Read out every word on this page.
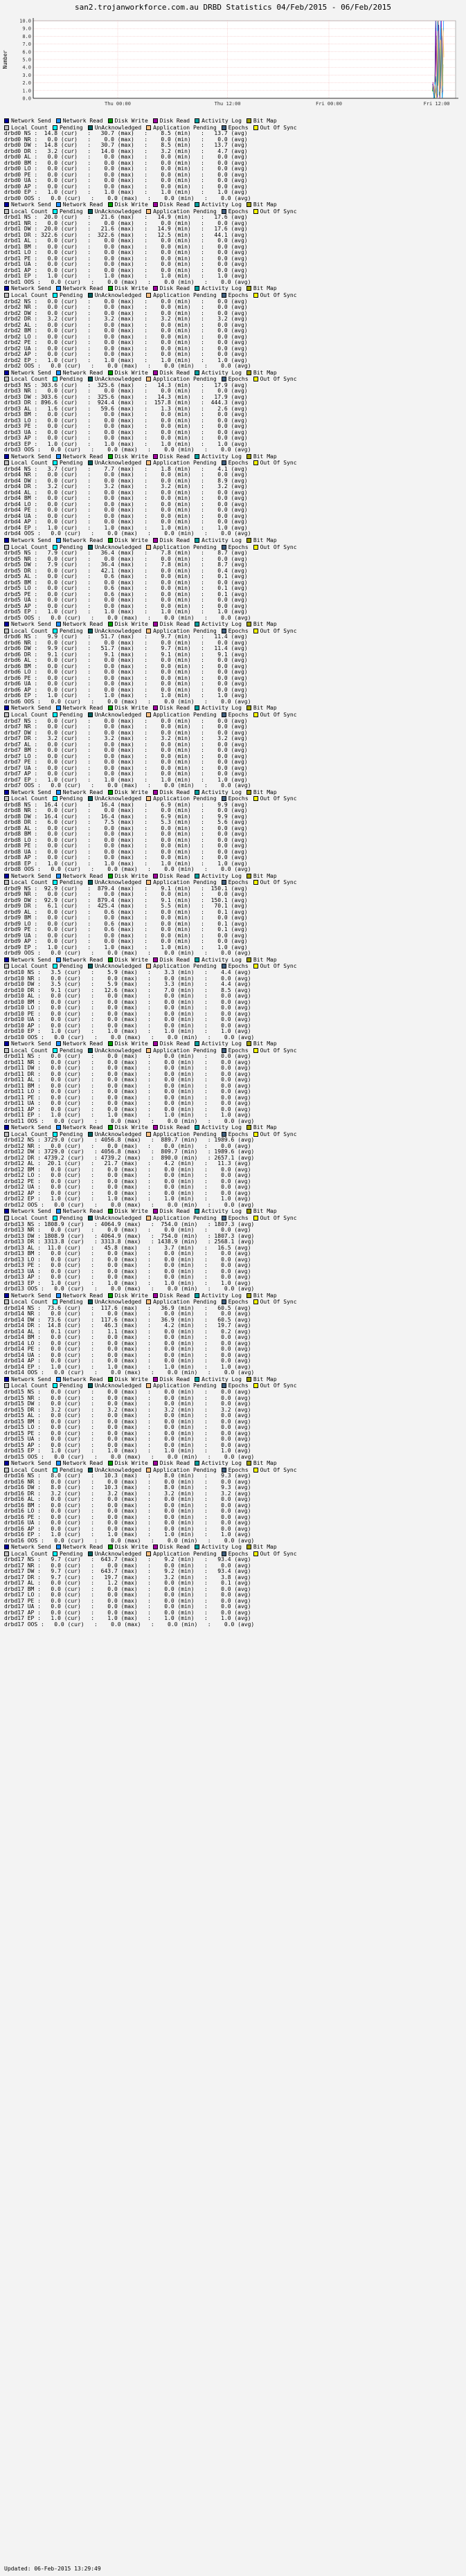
san2.trojanworkforce.com.au DRBD Statistics 04/Feb/2015 - 06/Feb/2015
0.0
1.0
2.0
3.0
4.0
5.0
6.0
7.0
8.0
9.0
10.0
Thu 00:00	Thu 12:00	Fri 00:00	Fri 12:00
Number
Network Send Network Read Disk Write Disk Read Activity Log Bit Map
Local Count Pending UnAcknowledged Application Pending Epochs Out Of Sync
drbd0 NS :  14.8 (cur)   :   30.7 (max)   :    8.5 (min)   :   13.7 (avg)
drbd0 NR :   0.0 (cur)   :    0.0 (max)   :    0.0 (min)   :    0.0 (avg)
drbd0 DW :  14.8 (cur)   :   30.7 (max)   :    8.5 (min)   :   13.7 (avg)
drbd0 DR :   3.2 (cur)   :   14.0 (max)   :    3.2 (min)   :    4.7 (avg)
drbd0 AL :   0.0 (cur)   :    0.0 (max)   :    0.0 (min)   :    0.0 (avg)
drbd0 BM :   0.0 (cur)   :    0.0 (max)   :    0.0 (min)   :    0.0 (avg)
drbd0 LO :   0.0 (cur)   :    0.0 (max)   :    0.0 (min)   :    0.0 (avg)
drbd0 PE :   0.0 (cur)   :    0.0 (max)   :    0.0 (min)   :    0.0 (avg)
drbd0 UA :   0.0 (cur)   :    0.0 (max)   :    0.0 (min)   :    0.0 (avg)
drbd0 AP :   0.0 (cur)   :    0.0 (max)   :    0.0 (min)   :    0.0 (avg)
drbd0 EP :   1.0 (cur)   :    1.0 (max)   :    1.0 (min)   :    1.0 (avg)
drbd0 OOS :   0.0 (cur)   :    0.0 (max)   :    0.0 (min)   :    0.0 (avg)
Network Send Network Read Disk Write Disk Read Activity Log Bit Map
Local Count Pending UnAcknowledged Application Pending Epochs Out Of Sync
drbd1 NS :  20.0 (cur)   :   21.6 (max)   :   14.9 (min)   :   17.6 (avg)
drbd1 NR :   0.0 (cur)   :    0.0 (max)   :    0.0 (min)   :    0.0 (avg)
drbd1 DW :  20.0 (cur)   :   21.6 (max)   :   14.9 (min)   :   17.6 (avg)
drbd1 DR : 322.6 (cur)   :  322.6 (max)   :   12.5 (min)   :   44.1 (avg)
drbd1 AL :   0.0 (cur)   :    0.0 (max)   :    0.0 (min)   :    0.0 (avg)
drbd1 BM :   0.0 (cur)   :    0.0 (max)   :    0.0 (min)   :    0.0 (avg)
drbd1 LO :   0.0 (cur)   :    0.0 (max)   :    0.0 (min)   :    0.0 (avg)
drbd1 PE :   0.0 (cur)   :    0.0 (max)   :    0.0 (min)   :    0.0 (avg)
drbd1 UA :   0.0 (cur)   :    0.0 (max)   :    0.0 (min)   :    0.0 (avg)
drbd1 AP :   0.0 (cur)   :    0.0 (max)   :    0.0 (min)   :    0.0 (avg)
drbd1 EP :   1.0 (cur)   :    1.0 (max)   :    1.0 (min)   :    1.0 (avg)
drbd1 OOS :   0.0 (cur)   :    0.0 (max)   :    0.0 (min)   :    0.0 (avg)
Network Send Network Read Disk Write Disk Read Activity Log Bit Map
Local Count Pending UnAcknowledged Application Pending Epochs Out Of Sync
drbd2 NS :   0.0 (cur)   :    0.0 (max)   :    0.0 (min)   :    0.0 (avg)
drbd2 NR :   0.0 (cur)   :    0.0 (max)   :    0.0 (min)   :    0.0 (avg)
drbd2 DW :   0.0 (cur)   :    0.0 (max)   :    0.0 (min)   :    0.0 (avg)
drbd2 DR :   3.2 (cur)   :    3.2 (max)   :    3.2 (min)   :    3.2 (avg)
drbd2 AL :   0.0 (cur)   :    0.0 (max)   :    0.0 (min)   :    0.0 (avg)
drbd2 BM :   0.0 (cur)   :    0.0 (max)   :    0.0 (min)   :    0.0 (avg)
drbd2 LO :   0.0 (cur)   :    0.0 (max)   :    0.0 (min)   :    0.0 (avg)
drbd2 PE :   0.0 (cur)   :    0.0 (max)   :    0.0 (min)   :    0.0 (avg)
drbd2 UA :   0.0 (cur)   :    0.0 (max)   :    0.0 (min)   :    0.0 (avg)
drbd2 AP :   0.0 (cur)   :    0.0 (max)   :    0.0 (min)   :    0.0 (avg)
drbd2 EP :   1.0 (cur)   :    1.0 (max)   :    1.0 (min)   :    1.0 (avg)
drbd2 OOS :   0.0 (cur)   :    0.0 (max)   :    0.0 (min)   :    0.0 (avg)
Network Send Network Read Disk Write Disk Read Activity Log Bit Map
Local Count Pending UnAcknowledged Application Pending Epochs Out Of Sync
drbd3 NS : 303.6 (cur)   :  325.6 (max)   :   14.3 (min)   :   17.9 (avg)
drbd3 NR :   0.0 (cur)   :    0.0 (max)   :    0.0 (min)   :    0.0 (avg)
drbd3 DW : 303.6 (cur)   :  325.6 (max)   :   14.3 (min)   :   17.9 (avg)
drbd3 DR : 896.6 (cur)   :  924.4 (max)   :  157.8 (min)   :  444.3 (avg)
drbd3 AL :   1.6 (cur)   :   59.6 (max)   :    1.3 (min)   :    2.6 (avg)
drbd3 BM :   0.0 (cur)   :    0.0 (max)   :    0.0 (min)   :    0.0 (avg)
drbd3 LO :   0.0 (cur)   :    0.0 (max)   :    0.0 (min)   :    0.0 (avg)
drbd3 PE :   0.0 (cur)   :    0.0 (max)   :    0.0 (min)   :    0.0 (avg)
drbd3 UA :   0.0 (cur)   :    0.0 (max)   :    0.0 (min)   :    0.0 (avg)
drbd3 AP :   0.0 (cur)   :    0.0 (max)   :    0.0 (min)   :    0.0 (avg)
drbd3 EP :   1.0 (cur)   :    1.0 (max)   :    1.0 (min)   :    1.0 (avg)
drbd3 OOS :   0.0 (cur)   :    0.0 (max)   :    0.0 (min)   :    0.0 (avg)
Network Send Network Read Disk Write Disk Read Activity Log Bit Map
Local Count Pending UnAcknowledged Application Pending Epochs Out Of Sync
drbd4 NS :   3.7 (cur)   :    7.7 (max)   :    1.8 (min)   :    4.1 (avg)
drbd4 NR :   0.0 (cur)   :    0.0 (max)   :    0.0 (min)   :    0.0 (avg)
drbd4 DW :   0.0 (cur)   :    0.0 (max)   :    0.0 (min)   :    8.9 (avg)
drbd4 DR :   3.2 (cur)   :    3.2 (max)   :    3.2 (min)   :    3.2 (avg)
drbd4 AL :   0.0 (cur)   :    0.0 (max)   :    0.0 (min)   :    0.0 (avg)
drbd4 BM :   0.0 (cur)   :    0.0 (max)   :    0.0 (min)   :    0.0 (avg)
drbd4 LO :   0.0 (cur)   :    0.0 (max)   :    0.0 (min)   :    0.0 (avg)
drbd4 PE :   0.0 (cur)   :    0.0 (max)   :    0.0 (min)   :    0.0 (avg)
drbd4 UA :   0.0 (cur)   :    0.0 (max)   :    0.0 (min)   :    0.0 (avg)
drbd4 AP :   0.0 (cur)   :    0.0 (max)   :    0.0 (min)   :    0.0 (avg)
drbd4 EP :   1.0 (cur)   :    1.0 (max)   :    1.0 (min)   :    1.0 (avg)
drbd4 OOS :   0.0 (cur)   :    0.0 (max)   :    0.0 (min)   :    0.0 (avg)
Network Send Network Read Disk Write Disk Read Activity Log Bit Map
Local Count Pending UnAcknowledged Application Pending Epochs Out Of Sync
drbd5 NS :   7.9 (cur)   :   36.4 (max)   :    7.8 (min)   :    8.7 (avg)
drbd5 NR :   0.0 (cur)   :    0.0 (max)   :    0.0 (min)   :    0.0 (avg)
drbd5 DW :   7.9 (cur)   :   36.4 (max)   :    7.8 (min)   :    8.7 (avg)
drbd5 DR :   0.0 (cur)   :   42.1 (max)   :    0.0 (min)   :    0.4 (avg)
drbd5 AL :   0.0 (cur)   :    0.6 (max)   :    0.0 (min)   :    0.1 (avg)
drbd5 BM :   0.0 (cur)   :    0.0 (max)   :    0.0 (min)   :    0.0 (avg)
drbd5 LO :   0.0 (cur)   :    0.6 (max)   :    0.0 (min)   :    0.1 (avg)
drbd5 PE :   0.0 (cur)   :    0.6 (max)   :    0.0 (min)   :    0.1 (avg)
drbd5 UA :   0.0 (cur)   :    0.0 (max)   :    0.0 (min)   :    0.0 (avg)
drbd5 AP :   0.0 (cur)   :    0.0 (max)   :    0.0 (min)   :    0.0 (avg)
drbd5 EP :   1.0 (cur)   :    1.0 (max)   :    1.0 (min)   :    1.0 (avg)
drbd5 OOS :   0.0 (cur)   :    0.0 (max)   :    0.0 (min)   :    0.0 (avg)
Network Send Network Read Disk Write Disk Read Activity Log Bit Map
Local Count Pending UnAcknowledged Application Pending Epochs Out Of Sync
drbd6 NS :   9.9 (cur)   :   51.7 (max)   :    9.7 (min)   :   11.4 (avg)
drbd6 NR :   0.0 (cur)   :    0.0 (max)   :    0.0 (min)   :    0.0 (avg)
drbd6 DW :   9.9 (cur)   :   51.7 (max)   :    9.7 (min)   :   11.4 (avg)
drbd6 DR :   9.1 (cur)   :    9.1 (max)   :    9.1 (min)   :    9.1 (avg)
drbd6 AL :   0.0 (cur)   :    0.0 (max)   :    0.0 (min)   :    0.0 (avg)
drbd6 BM :   0.0 (cur)   :    0.0 (max)   :    0.0 (min)   :    0.0 (avg)
drbd6 LO :   0.0 (cur)   :    0.0 (max)   :    0.0 (min)   :    0.0 (avg)
drbd6 PE :   0.0 (cur)   :    0.0 (max)   :    0.0 (min)   :    0.0 (avg)
drbd6 UA :   0.0 (cur)   :    0.0 (max)   :    0.0 (min)   :    0.0 (avg)
drbd6 AP :   0.0 (cur)   :    0.0 (max)   :    0.0 (min)   :    0.0 (avg)
drbd6 EP :   1.0 (cur)   :    1.0 (max)   :    1.0 (min)   :    1.0 (avg)
drbd6 OOS :   0.0 (cur)   :    0.0 (max)   :    0.0 (min)   :    0.0 (avg)
Network Send Network Read Disk Write Disk Read Activity Log Bit Map
Local Count Pending UnAcknowledged Application Pending Epochs Out Of Sync
drbd7 NS :   0.0 (cur)   :    0.0 (max)   :    0.0 (min)   :    0.0 (avg)
drbd7 NR :   0.0 (cur)   :    0.0 (max)   :    0.0 (min)   :    0.0 (avg)
drbd7 DW :   0.0 (cur)   :    0.0 (max)   :    0.0 (min)   :    0.0 (avg)
drbd7 DR :   3.2 (cur)   :    3.2 (max)   :    3.2 (min)   :    3.2 (avg)
drbd7 AL :   0.0 (cur)   :    0.0 (max)   :    0.0 (min)   :    0.0 (avg)
drbd7 BM :   0.0 (cur)   :    0.0 (max)   :    0.0 (min)   :    0.0 (avg)
drbd7 LO :   0.0 (cur)   :    0.0 (max)   :    0.0 (min)   :    0.0 (avg)
drbd7 PE :   0.0 (cur)   :    0.0 (max)   :    0.0 (min)   :    0.0 (avg)
drbd7 UA :   0.0 (cur)   :    0.0 (max)   :    0.0 (min)   :    0.0 (avg)
drbd7 AP :   0.0 (cur)   :    0.0 (max)   :    0.0 (min)   :    0.0 (avg)
drbd7 EP :   1.0 (cur)   :    1.0 (max)   :    1.0 (min)   :    1.0 (avg)
drbd7 OOS :   0.0 (cur)   :    0.0 (max)   :    0.0 (min)   :    0.0 (avg)
Network Send Network Read Disk Write Disk Read Activity Log Bit Map
Local Count Pending UnAcknowledged Application Pending Epochs Out Of Sync
drbd8 NS :  16.4 (cur)   :   16.4 (max)   :    6.9 (min)   :    9.9 (avg)
drbd8 NR :   0.0 (cur)   :    0.0 (max)   :    0.0 (min)   :    0.0 (avg)
drbd8 DW :  16.4 (cur)   :   16.4 (max)   :    6.9 (min)   :    9.9 (avg)
drbd8 DR :   6.0 (cur)   :    7.5 (max)   :    5.3 (min)   :    5.6 (avg)
drbd8 AL :   0.0 (cur)   :    0.0 (max)   :    0.0 (min)   :    0.0 (avg)
drbd8 BM :   0.0 (cur)   :    0.0 (max)   :    0.0 (min)   :    0.0 (avg)
drbd8 LO :   0.0 (cur)   :    0.0 (max)   :    0.0 (min)   :    0.0 (avg)
drbd8 PE :   0.0 (cur)   :    0.0 (max)   :    0.0 (min)   :    0.0 (avg)
drbd8 UA :   0.0 (cur)   :    0.0 (max)   :    0.0 (min)   :    0.0 (avg)
drbd8 AP :   0.0 (cur)   :    0.0 (max)   :    0.0 (min)   :    0.0 (avg)
drbd8 EP :   1.0 (cur)   :    1.0 (max)   :    1.0 (min)   :    1.0 (avg)
drbd8 OOS :   0.0 (cur)   :    0.0 (max)   :    0.0 (min)   :    0.0 (avg)
Network Send Network Read Disk Write Disk Read Activity Log Bit Map
Local Count Pending UnAcknowledged Application Pending Epochs Out Of Sync
drbd9 NS :  92.9 (cur)   :  879.4 (max)   :    9.1 (min)   :  150.1 (avg)
drbd9 NR :   0.0 (cur)   :    0.0 (max)   :    0.0 (min)   :    0.0 (avg)
drbd9 DW :  92.9 (cur)   :  879.4 (max)   :    9.1 (min)   :  150.1 (avg)
drbd9 DR :   6.1 (cur)   :  425.4 (max)   :    5.5 (min)   :   70.1 (avg)
drbd9 AL :   0.0 (cur)   :    0.6 (max)   :    0.0 (min)   :    0.1 (avg)
drbd9 BM :   0.0 (cur)   :    0.0 (max)   :    0.0 (min)   :    0.0 (avg)
drbd9 LO :   0.0 (cur)   :    0.6 (max)   :    0.0 (min)   :    0.1 (avg)
drbd9 PE :   0.0 (cur)   :    0.6 (max)   :    0.0 (min)   :    0.1 (avg)
drbd9 UA :   0.0 (cur)   :    0.0 (max)   :    0.0 (min)   :    0.0 (avg)
drbd9 AP :   0.0 (cur)   :    0.0 (max)   :    0.0 (min)   :    0.0 (avg)
drbd9 EP :   1.0 (cur)   :    1.0 (max)   :    1.0 (min)   :    1.0 (avg)
drbd9 OOS :   0.0 (cur)   :    0.0 (max)   :    0.0 (min)   :    0.0 (avg)
Network Send Network Read Disk Write Disk Read Activity Log Bit Map
Local Count Pending UnAcknowledged Application Pending Epochs Out Of Sync
drbd10 NS :   3.5 (cur)   :    5.9 (max)   :    3.3 (min)   :    4.4 (avg)
drbd10 NR :   0.0 (cur)   :    0.0 (max)   :    0.0 (min)   :    0.0 (avg)
drbd10 DW :   3.5 (cur)   :    5.9 (max)   :    3.3 (min)   :    4.4 (avg)
drbd10 DR :   9.1 (cur)   :   12.6 (max)   :    7.0 (min)   :    8.5 (avg)
drbd10 AL :   0.0 (cur)   :    0.0 (max)   :    0.0 (min)   :    0.0 (avg)
drbd10 BM :   0.0 (cur)   :    0.0 (max)   :    0.0 (min)   :    0.0 (avg)
drbd10 LO :   0.0 (cur)   :    0.0 (max)   :    0.0 (min)   :    0.0 (avg)
drbd10 PE :   0.0 (cur)   :    0.0 (max)   :    0.0 (min)   :    0.0 (avg)
drbd10 UA :   0.0 (cur)   :    0.0 (max)   :    0.0 (min)   :    0.0 (avg)
drbd10 AP :   0.0 (cur)   :    0.0 (max)   :    0.0 (min)   :    0.0 (avg)
drbd10 EP :   1.0 (cur)   :    1.0 (max)   :    1.0 (min)   :    1.0 (avg)
drbd10 OOS :   0.0 (cur)   :    0.0 (max)   :    0.0 (min)   :    0.0 (avg)
Network Send Network Read Disk Write Disk Read Activity Log Bit Map
Local Count Pending UnAcknowledged Application Pending Epochs Out Of Sync
drbd11 NS :   0.0 (cur)   :    0.0 (max)   :    0.0 (min)   :    0.0 (avg)
drbd11 NR :   0.0 (cur)   :    0.0 (max)   :    0.0 (min)   :    0.0 (avg)
drbd11 DW :   0.0 (cur)   :    0.0 (max)   :    0.0 (min)   :    0.0 (avg)
drbd11 DR :   0.0 (cur)   :    0.0 (max)   :    0.0 (min)   :    0.0 (avg)
drbd11 AL :   0.0 (cur)   :    0.0 (max)   :    0.0 (min)   :    0.0 (avg)
drbd11 BM :   0.0 (cur)   :    0.0 (max)   :    0.0 (min)   :    0.0 (avg)
drbd11 LO :   0.0 (cur)   :    0.0 (max)   :    0.0 (min)   :    0.0 (avg)
drbd11 PE :   0.0 (cur)   :    0.0 (max)   :    0.0 (min)   :    0.0 (avg)
drbd11 UA :   0.0 (cur)   :    0.0 (max)   :    0.0 (min)   :    0.0 (avg)
drbd11 AP :   0.0 (cur)   :    0.0 (max)   :    0.0 (min)   :    0.0 (avg)
drbd11 EP :   1.0 (cur)   :    1.0 (max)   :    1.0 (min)   :    1.0 (avg)
drbd11 OOS :   0.0 (cur)   :    0.0 (max)   :    0.0 (min)   :    0.0 (avg)
Network Send Network Read Disk Write Disk Read Activity Log Bit Map
Local Count Pending UnAcknowledged Application Pending Epochs Out Of Sync
drbd12 NS : 3729.0 (cur)   : 4056.8 (max)   :  889.7 (min)   : 1989.6 (avg)
drbd12 NR :   0.0 (cur)   :    0.0 (max)   :    0.0 (min)   :    0.0 (avg)
drbd12 DW : 3729.0 (cur)   : 4056.8 (max)   :  809.7 (min)   : 1989.6 (avg)
drbd12 DR : 4739.2 (cur)   : 4739.2 (max)   :  890.0 (min)   : 2657.1 (avg)
drbd12 AL :  20.1 (cur)   :   21.7 (max)   :    4.2 (min)   :   11.3 (avg)
drbd12 BM :   0.0 (cur)   :    0.0 (max)   :    0.0 (min)   :    0.0 (avg)
drbd12 LO :   0.0 (cur)   :    0.0 (max)   :    0.0 (min)   :    0.0 (avg)
drbd12 PE :   0.0 (cur)   :    0.0 (max)   :    0.0 (min)   :    0.0 (avg)
drbd12 UA :   0.0 (cur)   :    0.0 (max)   :    0.0 (min)   :    0.0 (avg)
drbd12 AP :   0.0 (cur)   :    0.0 (max)   :    0.0 (min)   :    0.0 (avg)
drbd12 EP :   1.0 (cur)   :    1.0 (max)   :    1.0 (min)   :    1.0 (avg)
drbd12 OOS :   0.0 (cur)   :    0.0 (max)   :    0.0 (min)   :    0.0 (avg)
Network Send Network Read Disk Write Disk Read Activity Log Bit Map
Local Count Pending UnAcknowledged Application Pending Epochs Out Of Sync
drbd13 NS : 1808.9 (cur)   : 4064.9 (max)   :  754.0 (min)   : 1807.3 (avg)
drbd13 NR :   0.0 (cur)   :    0.0 (max)   :    0.0 (min)   :    0.0 (avg)
drbd13 DW : 1808.9 (cur)   : 4064.9 (max)   :  754.0 (min)   : 1807.3 (avg)
drbd13 DR : 3313.8 (cur)   : 3313.8 (max)   : 1438.9 (min)   : 2568.1 (avg)
drbd13 AL :  11.0 (cur)   :   45.8 (max)   :    3.7 (min)   :   16.5 (avg)
drbd13 BM :   0.0 (cur)   :    0.0 (max)   :    0.0 (min)   :    0.0 (avg)
drbd13 LO :   0.0 (cur)   :    0.0 (max)   :    0.0 (min)   :    0.0 (avg)
drbd13 PE :   0.0 (cur)   :    0.0 (max)   :    0.0 (min)   :    0.0 (avg)
drbd13 UA :   0.0 (cur)   :    0.0 (max)   :    0.0 (min)   :    0.0 (avg)
drbd13 AP :   0.0 (cur)   :    0.0 (max)   :    0.0 (min)   :    0.0 (avg)
drbd13 EP :   1.0 (cur)   :    1.0 (max)   :    1.0 (min)   :    1.0 (avg)
drbd13 OOS :   0.0 (cur)   :    0.0 (max)   :    0.0 (min)   :    0.0 (avg)
Network Send Network Read Disk Write Disk Read Activity Log Bit Map
Local Count Pending UnAcknowledged Application Pending Epochs Out Of Sync
drbd14 NS :  73.6 (cur)   :  117.6 (max)   :   36.9 (min)   :   60.5 (avg)
drbd14 NR :   0.0 (cur)   :    0.0 (max)   :    0.0 (min)   :    0.0 (avg)
drbd14 DW :  73.6 (cur)   :  117.6 (max)   :   36.9 (min)   :   60.5 (avg)
drbd14 DR :  14.8 (cur)   :   46.3 (max)   :    4.2 (min)   :   19.7 (avg)
drbd14 AL :   0.1 (cur)   :    1.1 (max)   :    0.0 (min)   :    0.2 (avg)
drbd14 BM :   0.0 (cur)   :    0.0 (max)   :    0.0 (min)   :    0.0 (avg)
drbd14 LO :   0.0 (cur)   :    0.0 (max)   :    0.0 (min)   :    0.0 (avg)
drbd14 PE :   0.0 (cur)   :    0.0 (max)   :    0.0 (min)   :    0.0 (avg)
drbd14 UA :   0.0 (cur)   :    0.0 (max)   :    0.0 (min)   :    0.0 (avg)
drbd14 AP :   0.0 (cur)   :    0.0 (max)   :    0.0 (min)   :    0.0 (avg)
drbd14 EP :   1.0 (cur)   :    1.0 (max)   :    1.0 (min)   :    1.0 (avg)
drbd14 OOS :   0.0 (cur)   :    0.0 (max)   :    0.0 (min)   :    0.0 (avg)
Network Send Network Read Disk Write Disk Read Activity Log Bit Map
Local Count Pending UnAcknowledged Application Pending Epochs Out Of Sync
drbd15 NS :   0.0 (cur)   :    0.0 (max)   :    0.0 (min)   :    0.0 (avg)
drbd15 NR :   0.0 (cur)   :    0.0 (max)   :    0.0 (min)   :    0.0 (avg)
drbd15 DW :   0.0 (cur)   :    0.0 (max)   :    0.0 (min)   :    0.0 (avg)
drbd15 DR :   3.2 (cur)   :    3.2 (max)   :    3.2 (min)   :    3.2 (avg)
drbd15 AL :   0.0 (cur)   :    0.0 (max)   :    0.0 (min)   :    0.0 (avg)
drbd15 BM :   0.0 (cur)   :    0.0 (max)   :    0.0 (min)   :    0.0 (avg)
drbd15 LO :   0.0 (cur)   :    0.0 (max)   :    0.0 (min)   :    0.0 (avg)
drbd15 PE :   0.0 (cur)   :    0.0 (max)   :    0.0 (min)   :    0.0 (avg)
drbd15 UA :   0.0 (cur)   :    0.0 (max)   :    0.0 (min)   :    0.0 (avg)
drbd15 AP :   0.0 (cur)   :    0.0 (max)   :    0.0 (min)   :    0.0 (avg)
drbd15 EP :   1.0 (cur)   :    1.0 (max)   :    1.0 (min)   :    1.0 (avg)
drbd15 OOS :   0.0 (cur)   :    0.0 (max)   :    0.0 (min)   :    0.0 (avg)
Network Send Network Read Disk Write Disk Read Activity Log Bit Map
Local Count Pending UnAcknowledged Application Pending Epochs Out Of Sync
drbd16 NS :   8.0 (cur)   :   10.3 (max)   :    8.0 (min)   :    9.3 (avg)
drbd16 NR :   0.0 (cur)   :    0.0 (max)   :    0.0 (min)   :    0.0 (avg)
drbd16 DW :   8.0 (cur)   :   10.3 (max)   :    8.0 (min)   :    9.3 (avg)
drbd16 DR :   3.2 (cur)   :    3.2 (max)   :    3.2 (min)   :    3.2 (avg)
drbd16 AL :   0.0 (cur)   :    0.0 (max)   :    0.0 (min)   :    0.0 (avg)
drbd16 BM :   0.0 (cur)   :    0.0 (max)   :    0.0 (min)   :    0.0 (avg)
drbd16 LO :   0.0 (cur)   :    0.0 (max)   :    0.0 (min)   :    0.0 (avg)
drbd16 PE :   0.0 (cur)   :    0.0 (max)   :    0.0 (min)   :    0.0 (avg)
drbd16 UA :   0.0 (cur)   :    0.0 (max)   :    0.0 (min)   :    0.0 (avg)
drbd16 AP :   0.0 (cur)   :    0.0 (max)   :    0.0 (min)   :    0.0 (avg)
drbd16 EP :   1.0 (cur)   :    1.0 (max)   :    1.0 (min)   :    1.0 (avg)
drbd16 OOS :   0.0 (cur)   :    0.0 (max)   :    0.0 (min)   :    0.0 (avg)
Network Send Network Read Disk Write Disk Read Activity Log Bit Map
Local Count Pending UnAcknowledged Application Pending Epochs Out Of Sync
drbd17 NS :   9.7 (cur)   :  643.7 (max)   :    9.2 (min)   :   93.4 (avg)
drbd17 NR :   0.0 (cur)   :    0.0 (max)   :    0.0 (min)   :    0.0 (avg)
drbd17 DW :   9.7 (cur)   :  643.7 (max)   :    9.2 (min)   :   93.4 (avg)
drbd17 DR :   9.7 (cur)   :   19.7 (max)   :    3.2 (min)   :    3.8 (avg)
drbd17 AL :   0.0 (cur)   :    1.2 (max)   :    0.0 (min)   :    0.1 (avg)
drbd17 BM :   0.0 (cur)   :    0.0 (max)   :    0.0 (min)   :    0.0 (avg)
drbd17 LO :   0.0 (cur)   :    0.0 (max)   :    0.0 (min)   :    0.0 (avg)
drbd17 PE :   0.0 (cur)   :    0.0 (max)   :    0.0 (min)   :    0.0 (avg)
drbd17 UA :   0.0 (cur)   :    0.0 (max)   :    0.0 (min)   :    0.0 (avg)
drbd17 AP :   0.0 (cur)   :    0.0 (max)   :    0.0 (min)   :    0.0 (avg)
drbd17 EP :   1.0 (cur)   :    1.0 (max)   :    1.0 (min)   :    1.0 (avg)
drbd17 OOS :   0.0 (cur)   :    0.0 (max)   :    0.0 (min)   :    0.0 (avg)
Updated: 06-Feb-2015 13:29:49
